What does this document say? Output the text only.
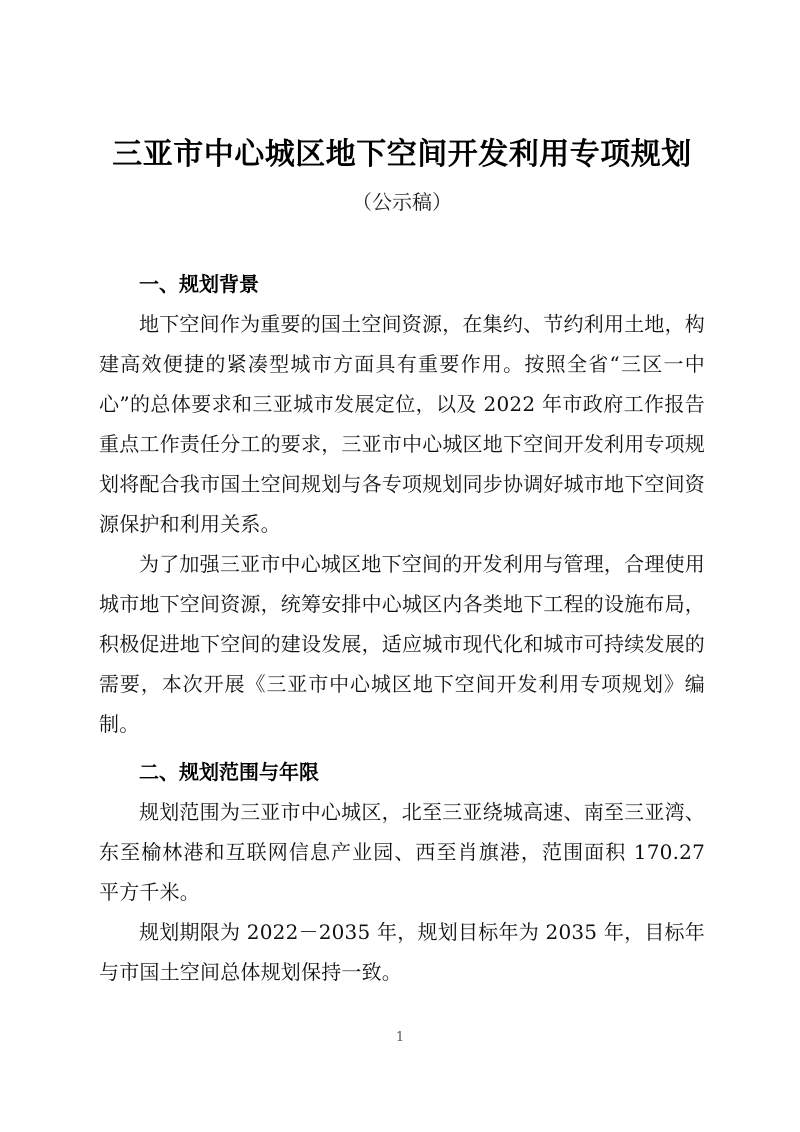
三亚市中心城区地下空间开发利用专项规划
（公示稿）
一、规划背景

地下空间作为重要的国土空间资源，在集约、节约利用土地，构建高效便捷的紧凑型城市方面具有重要作用。按照全省“三区一中心”的总体要求和三亚城市发展定位，以及 2022 年市政府工作报告重点工作责任分工的要求，三亚市中心城区地下空间开发利用专项规划将配合我市国土空间规划与各专项规划同步协调好城市地下空间资源保护和利用关系。

为了加强三亚市中心城区地下空间的开发利用与管理，合理使用城市地下空间资源，统筹安排中心城区内各类地下工程的设施布局，积极促进地下空间的建设发展，适应城市现代化和城市可持续发展的需要，本次开展《三亚市中心城区地下空间开发利用专项规划》编制。

二、规划范围与年限

规划范围为三亚市中心城区，北至三亚绕城高速、南至三亚湾、东至榆林港和互联网信息产业园、西至肖旗港，范围面积 170.27 平方千米。

规划期限为 2022－2035 年，规划目标年为 2035 年，目标年与市国土空间总体规划保持一致。

1
